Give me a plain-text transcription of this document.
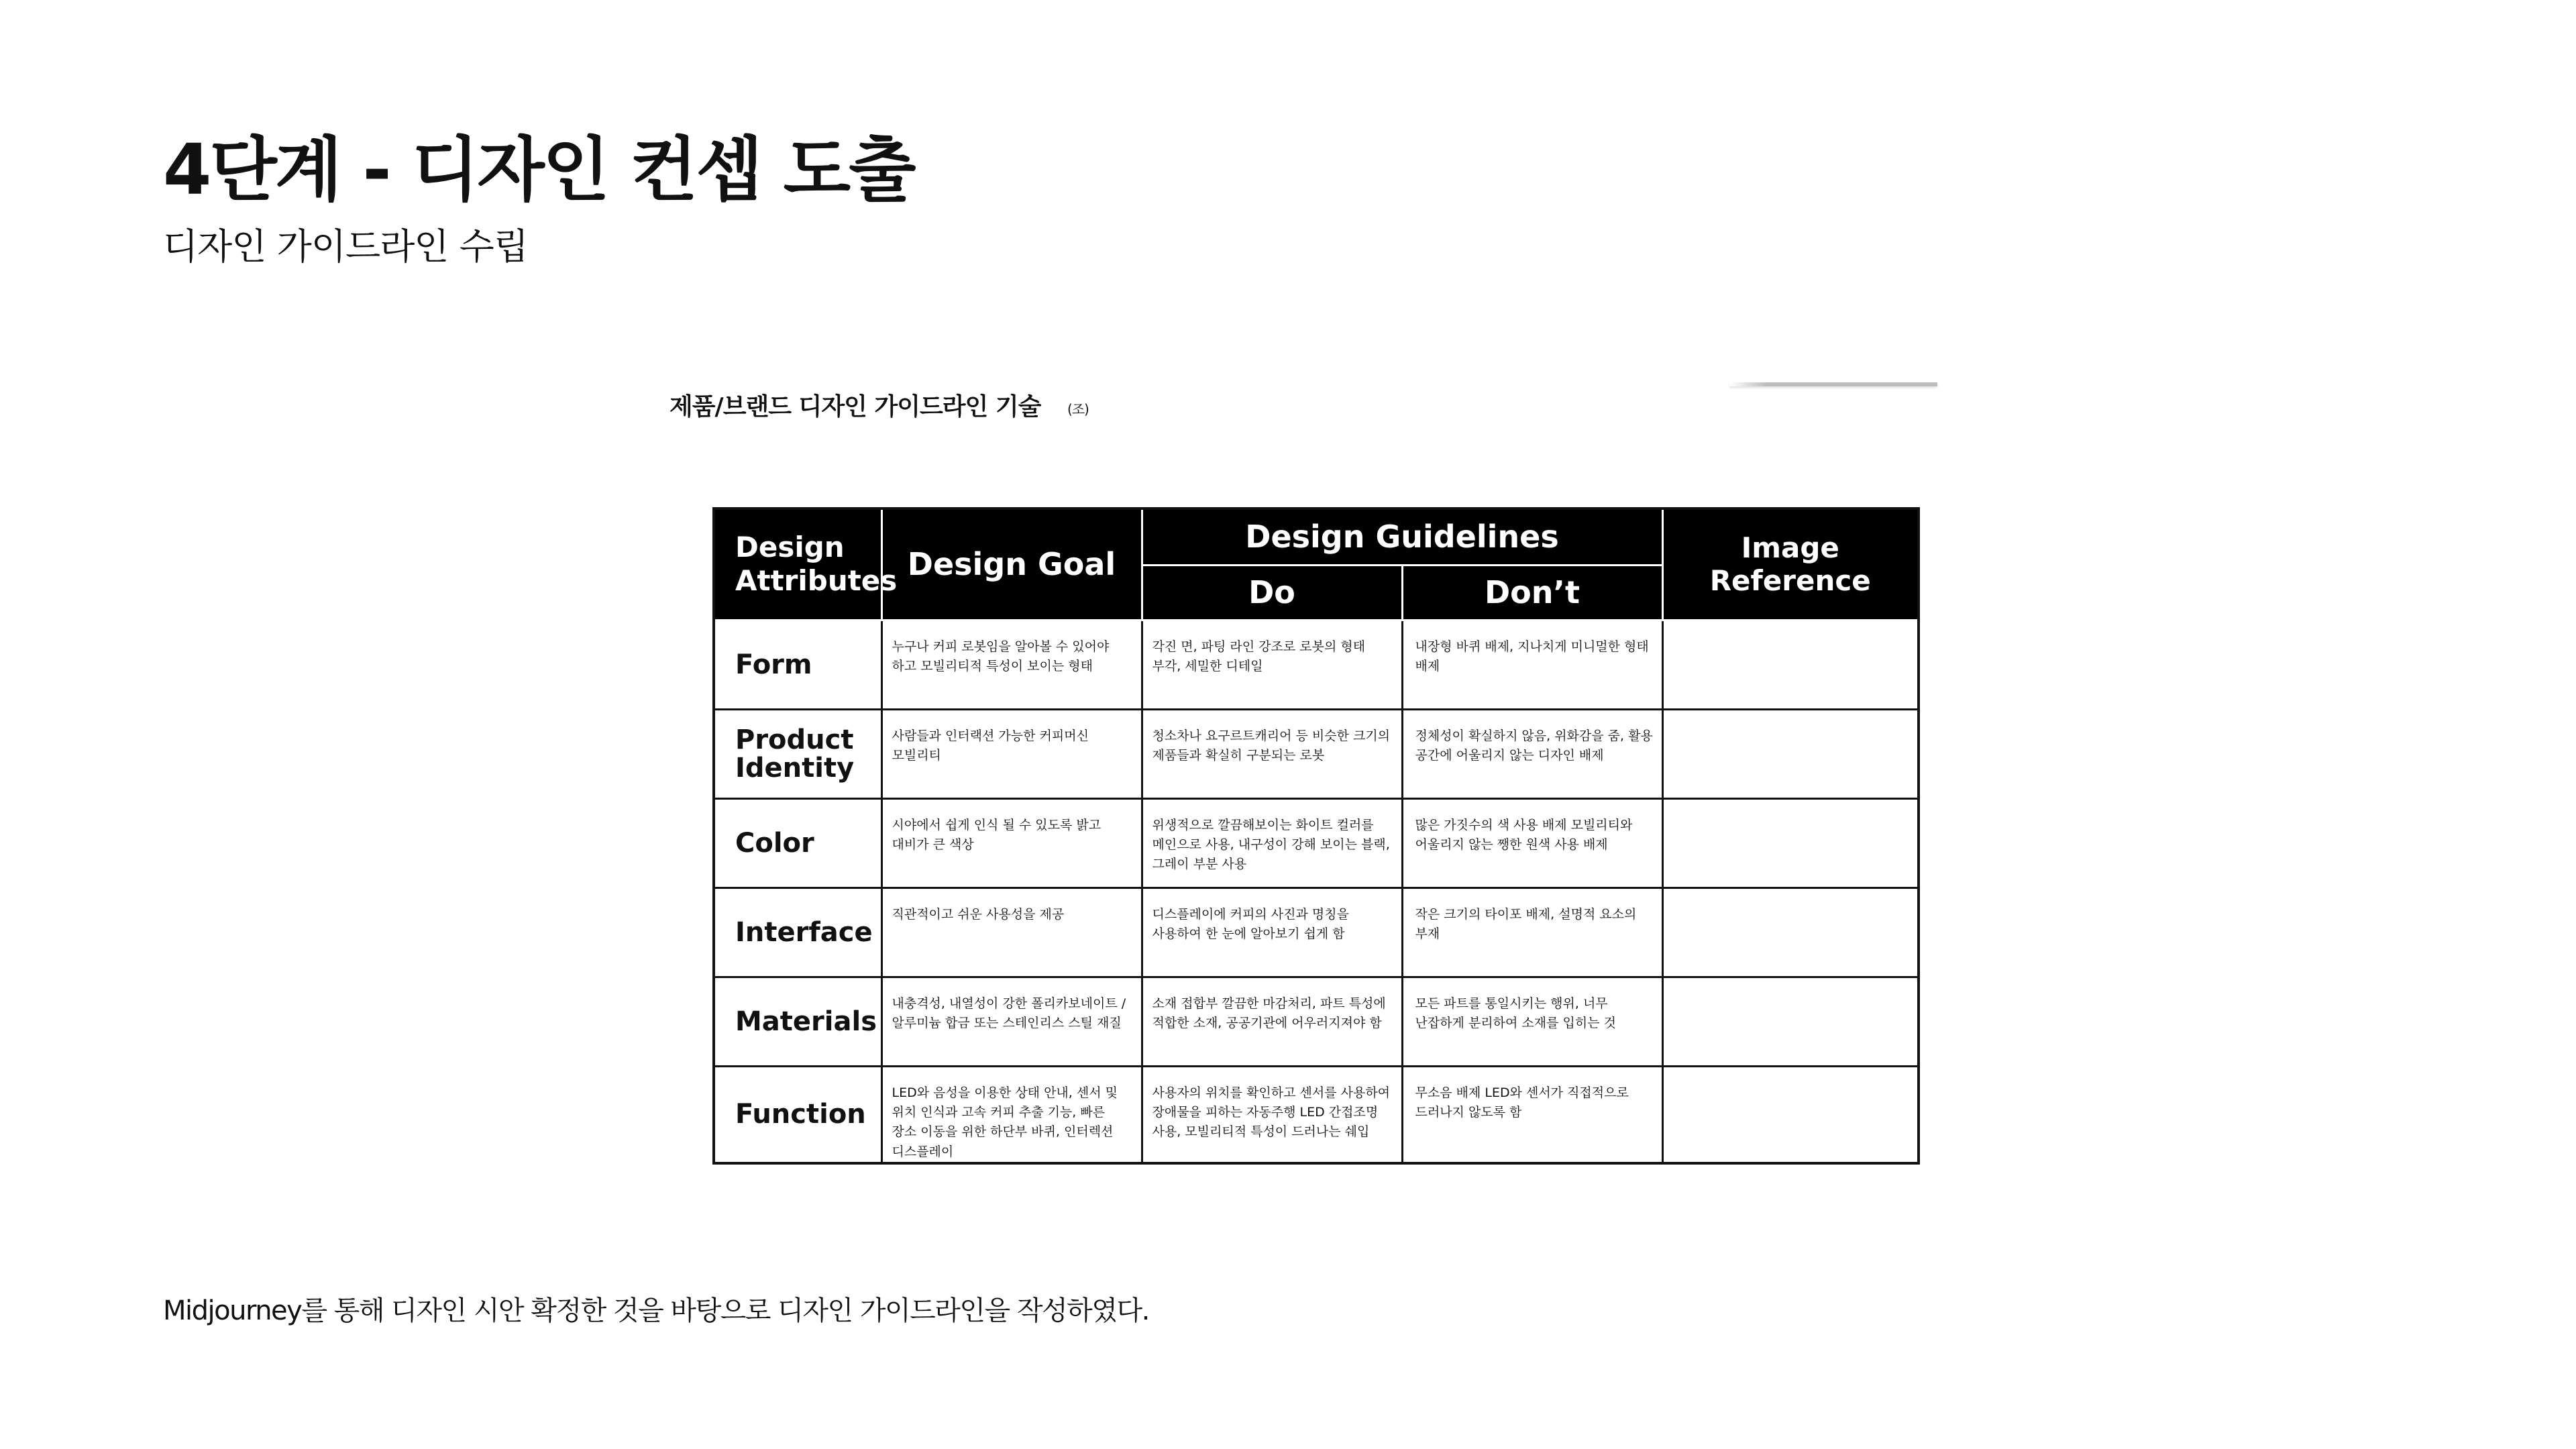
4단계 - 디자인 컨셉 도출
디자인 가이드라인 수립
제품/브랜드 디자인 가이드라인 기술 (조)
Design Attributes	Design Goal	Design Guidelines		Image Reference
		Do	Don’t	
Form	누구나 커피 로봇임을 알아볼 수 있어야 하고 모빌리티적 특성이 보이는 형태	각진 면, 파팅 라인 강조로 로봇의 형태 부각, 세밀한 디테일	내장형 바퀴 배제, 지나치게 미니멀한 형태 배제	
Product Identity	사람들과 인터랙션 가능한 커피머신 모빌리티	청소차나 요구르트캐리어 등 비슷한 크기의 제품들과 확실히 구분되는 로봇	정체성이 확실하지 않음, 위화감을 줌, 활용 공간에 어울리지 않는 디자인 배제	
Color	시야에서 쉽게 인식 될 수 있도록 밝고 대비가 큰 색상	위생적으로 깔끔해보이는 화이트 컬러를 메인으로 사용, 내구성이 강해 보이는 블랙, 그레이 부분 사용	많은 가짓수의 색 사용 배제 모빌리티와 어울리지 않는 쨍한 원색 사용 배제	
Interface	직관적이고 쉬운 사용성을 제공	디스플레이에 커피의 사진과 명칭을 사용하여 한 눈에 알아보기 쉽게 함	작은 크기의 타이포 배제, 설명적 요소의 부재	
Materials	내충격성, 내열성이 강한 폴리카보네이트 / 알루미늄 합금 또는 스테인리스 스틸 재질	소재 접합부 깔끔한 마감처리, 파트 특성에 적합한 소재, 공공기관에 어우러지져야 함	모든 파트를 통일시키는 행위, 너무 난잡하게 분리하여 소재를 입히는 것	
Function	LED와 음성을 이용한 상태 안내, 센서 및 위치 인식과 고속 커피 추출 기능, 빠른 장소 이동을 위한 하단부 바퀴, 인터렉션 디스플레이	사용자의 위치를 확인하고 센서를 사용하여 장애물을 피하는 자동주행 LED 간접조명 사용, 모빌리티적 특성이 드러나는 쉐입	무소음 배제 LED와 센서가 직접적으로 드러나지 않도록 함	
Midjourney를 통해 디자인 시안 확정한 것을 바탕으로 디자인 가이드라인을 작성하였다.
